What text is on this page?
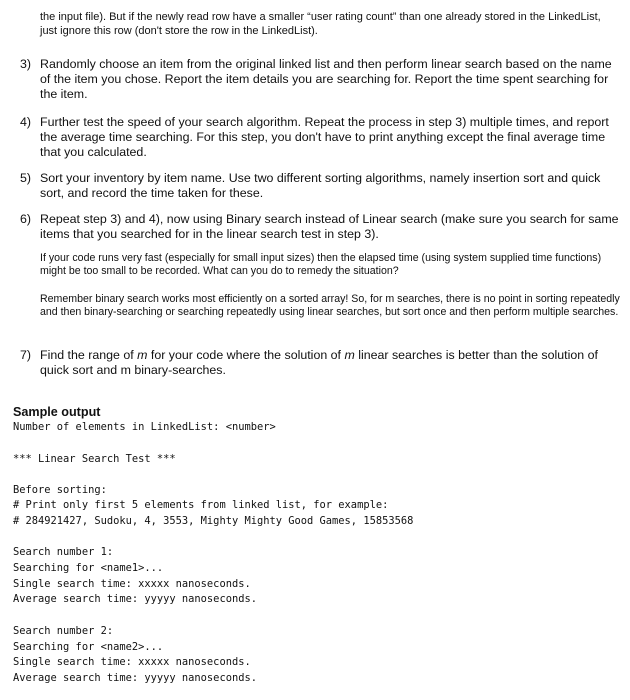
the input file). But if the newly read row have a smaller “user rating count” than one already stored in the LinkedList, just ignore this row (don't store the row in the LinkedList).

3) Randomly choose an item from the original linked list and then perform linear search based on the name of the item you chose. Report the item details you are searching for. Report the time spent searching for the item.
4) Further test the speed of your search algorithm. Repeat the process in step 3) multiple times, and report the average time searching. For this step, you don't have to print anything except the final average time that you calculated.
5) Sort your inventory by item name. Use two different sorting algorithms, namely insertion sort and quick sort, and record the time taken for these.
6) Repeat step 3) and 4), now using Binary search instead of Linear search (make sure you search for same items that you searched for in the linear search test in step 3).
If your code runs very fast (especially for small input sizes) then the elapsed time (using system supplied time functions) might be too small to be recorded. What can you do to remedy the situation?
Remember binary search works most efficiently on a sorted array! So, for m searches, there is no point in sorting repeatedly and then binary-searching or searching repeatedly using linear searches, but sort once and then perform multiple searches.
7) Find the range of m for your code where the solution of m linear searches is better than the solution of quick sort and m binary-searches.
Sample output
Number of elements in LinkedList: <number>
*** Linear Search Test ***
Before sorting:
# Print only first 5 elements from linked list, for example:
# 284921427, Sudoku, 4, 3553, Mighty Mighty Good Games, 15853568
Search number 1:
Searching for <name1>...
Single search time: xxxxx nanoseconds.
Average search time: yyyyy nanoseconds.
Search number 2:
Searching for <name2>...
Single search time: xxxxx nanoseconds.
Average search time: yyyyy nanoseconds.
